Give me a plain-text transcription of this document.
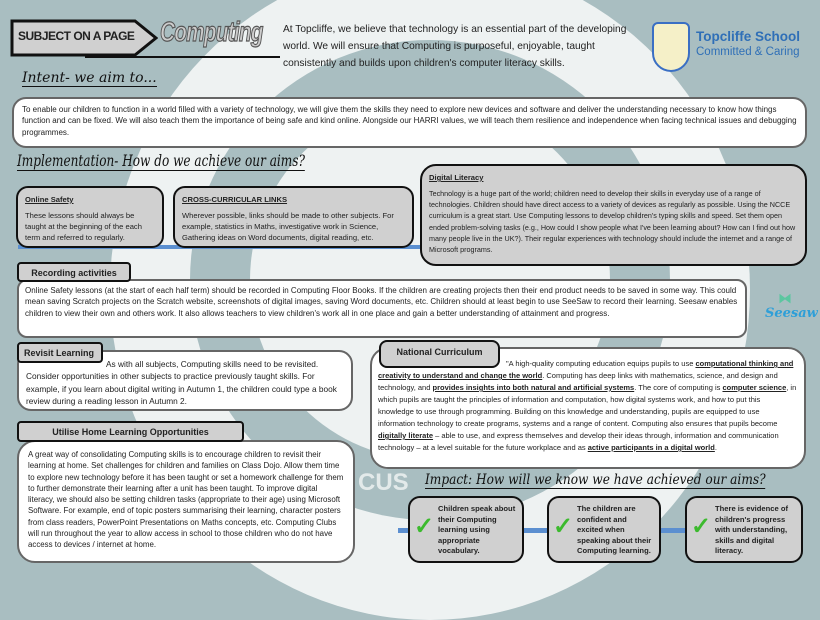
REMEMBER
CUS
SUBJECT ON A PAGE Computing At Topcliffe, we believe that technology is an essential part of the developing world. We will ensure that Computing is purposeful, enjoyable, taught consistently and builds upon children's computer literacy skills.
Topcliffe School
Committed & Caring
Intent- we aim to...
To enable our children to function in a world filled with a variety of technology, we will give them the skills they need to explore new devices and software and deliver the understanding necessary to know how things function and can be fixed. We will also teach them the importance of being safe and kind online. Alongside our HARRI values, we will teach them resilience and independence when facing technical issues and debugging programmes.
Implementation- How do we achieve our aims?
Online Safety
These lessons should always be taught at the beginning of the each term and referred to regularly.
CROSS-CURRICULAR LINKS
Wherever possible, links should be made to other subjects. For example, statistics in Maths, investigative work in Science, Gathering ideas on Word documents, digital reading, etc.
Digital Literacy
Technology is a huge part of the world; children need to develop their skills in everyday use of a range of technologies. Children should have direct access to a variety of devices as regularly as possible. Using the NCCE curriculum is a great start. Use Computing lessons to develop children's typing skills and speed. Set them open ended problem-solving tasks (e.g., How could I show people what I've been learning about? How can I find out how many people live in the UK?). Their regular experiences with technology should include the internet and a range of Microsoft programs.
Online Safety lessons (at the start of each half term) should be recorded in Computing Floor Books. If the children are creating projects then their end product needs to be saved in some way. This could mean saving Scratch projects on the Scratch website, screenshots of digital images, saving Word documents, etc. Children should at least begin to use SeeSaw to record their learning. Seesaw enables children to view their own and others work. It also allows teachers to view children's work all in one place and gain a better understanding of attainment and progress.
Recording activities
⧓
Seesaw
As with all subjects, Computing skills need to be revisited. Consider opportunities in other subjects to practice previously taught skills. For example, if you learn about digital writing in Autumn 1, the children could type a book review during a reading lesson in Autumn 2.
Revisit Learning
A great way of consolidating Computing skills is to encourage children to revisit their learning at home. Set challenges for children and families on Class Dojo. Allow them time to explore new technology before it has been taught or set a homework challenge for them to further demonstrate their learning after a unit has been taught. To improve digital literacy, we should also be setting children tasks (appropriate to their age) using Microsoft Software. For example, end of topic posters summarising their learning, character posters from class readers, PowerPoint Presentations on Maths concepts, etc. Computing Clubs will run throughout the year to allow access in school to those children who do not have access to devices / internet at home.
Utilise Home Learning Opportunities
"A high-quality computing education equips pupils to use computational thinking and creativity to understand and change the world. Computing has deep links with mathematics, science, and design and technology, and provides insights into both natural and artificial systems. The core of computing is computer science, in which pupils are taught the principles of information and computation, how digital systems work, and how to put this knowledge to use through programming. Building on this knowledge and understanding, pupils are equipped to use information technology to create programs, systems and a range of content. Computing also ensures that pupils become digitally literate – able to use, and express themselves and develop their ideas through, information and communication technology – at a level suitable for the future workplace and as active participants in a digital world.
National Curriculum
Impact: How will we know we have achieved our aims?
✓
Children speak about their Computing learning using appropriate vocabulary.
✓
The children are confident and excited when speaking about their Computing learning.
✓
There is evidence of children's progress with understanding, skills and digital literacy.
